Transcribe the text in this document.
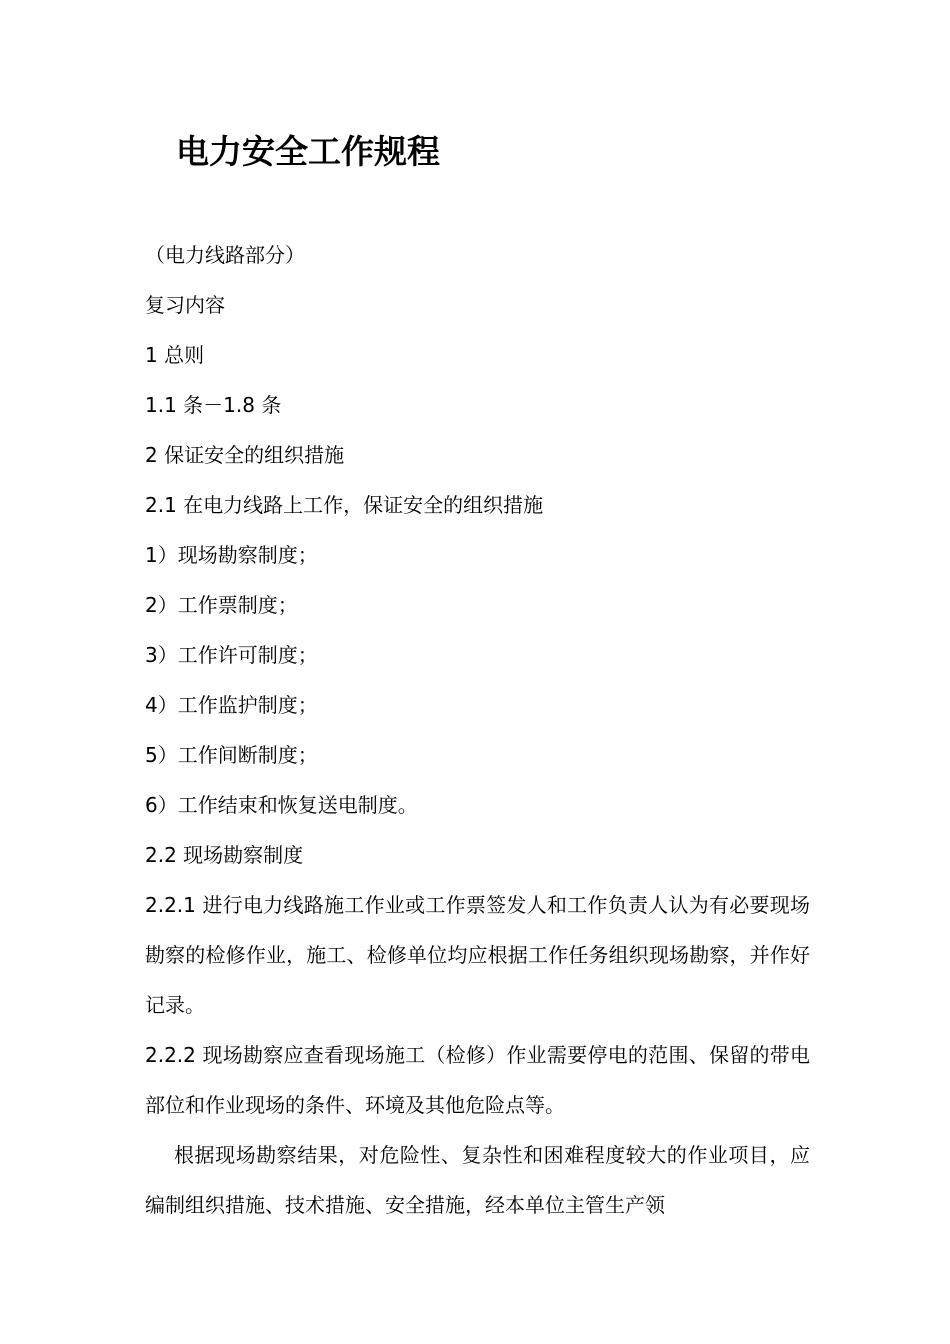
电力安全工作规程

（电力线路部分）

复习内容

1 总则

1.1 条－1.8 条

2 保证安全的组织措施

2.1 在电力线路上工作，保证安全的组织措施

1）现场勘察制度；

2）工作票制度；

3）工作许可制度；

4）工作监护制度；

5）工作间断制度；

6）工作结束和恢复送电制度。

2.2 现场勘察制度

2.2.1 进行电力线路施工作业或工作票签发人和工作负责人认为有必要现场勘察的检修作业，施工、检修单位均应根据工作任务组织现场勘察，并作好记录。

2.2.2 现场勘察应查看现场施工（检修）作业需要停电的范围、保留的带电部位和作业现场的条件、环境及其他危险点等。

根据现场勘察结果，对危险性、复杂性和困难程度较大的作业项目，应编制组织措施、技术措施、安全措施，经本单位主管生产领
